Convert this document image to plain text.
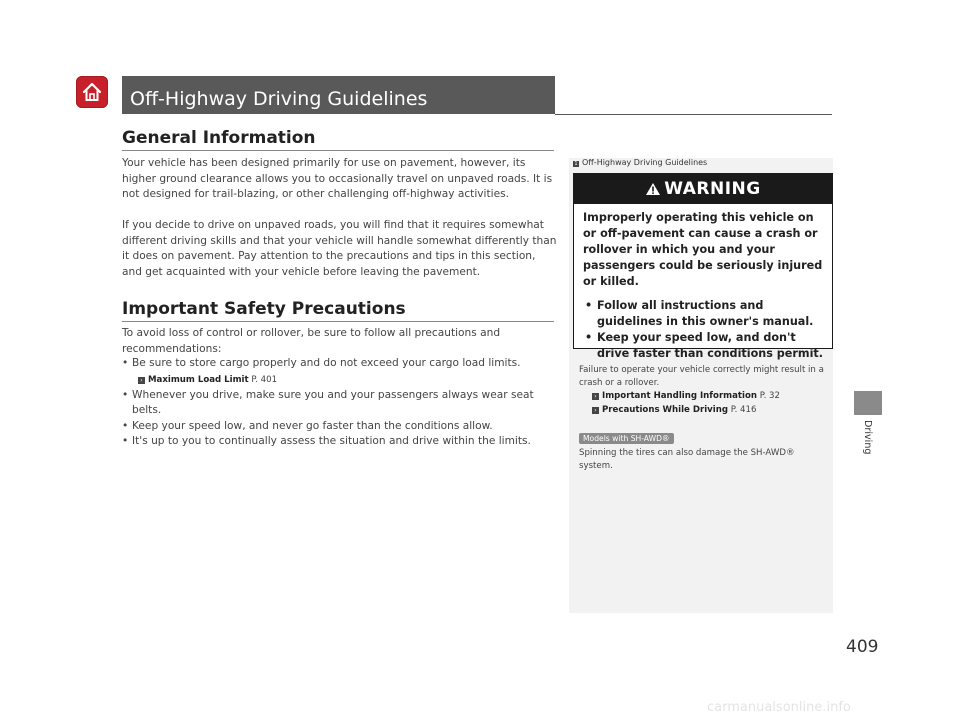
Off-Highway Driving Guidelines
General Information

Your vehicle has been designed primarily for use on pavement, however, its higher ground clearance allows you to occasionally travel on unpaved roads. It is not designed for trail-blazing, or other challenging off-highway activities.

If you decide to drive on unpaved roads, you will find that it requires somewhat different driving skills and that your vehicle will handle somewhat differently than it does on pavement. Pay attention to the precautions and tips in this section, and get acquainted with your vehicle before leaving the pavement.

Important Safety Precautions

To avoid loss of control or rollover, be sure to follow all precautions and recommendations:

• Be sure to store cargo properly and do not exceed your cargo load limits.
› Maximum Load Limit P. 401
• Whenever you drive, make sure you and your passengers always wear seat belts.
• Keep your speed low, and never go faster than the conditions allow.
• It's up to you to continually assess the situation and drive within the limits.
1 Off-Highway Driving Guidelines
WARNING

Improperly operating this vehicle on or off-pavement can cause a crash or rollover in which you and your passengers could be seriously injured or killed.

• Follow all instructions and guidelines in this owner's manual.
• Keep your speed low, and don't drive faster than conditions permit.

Failure to operate your vehicle correctly might result in a crash or a rollover.

› Important Handling Information P. 32
› Precautions While Driving P. 416
Models with SH-AWD®

Spinning the tires can also damage the SH-AWD® system.

Driving
409
carmanualsonline.info
